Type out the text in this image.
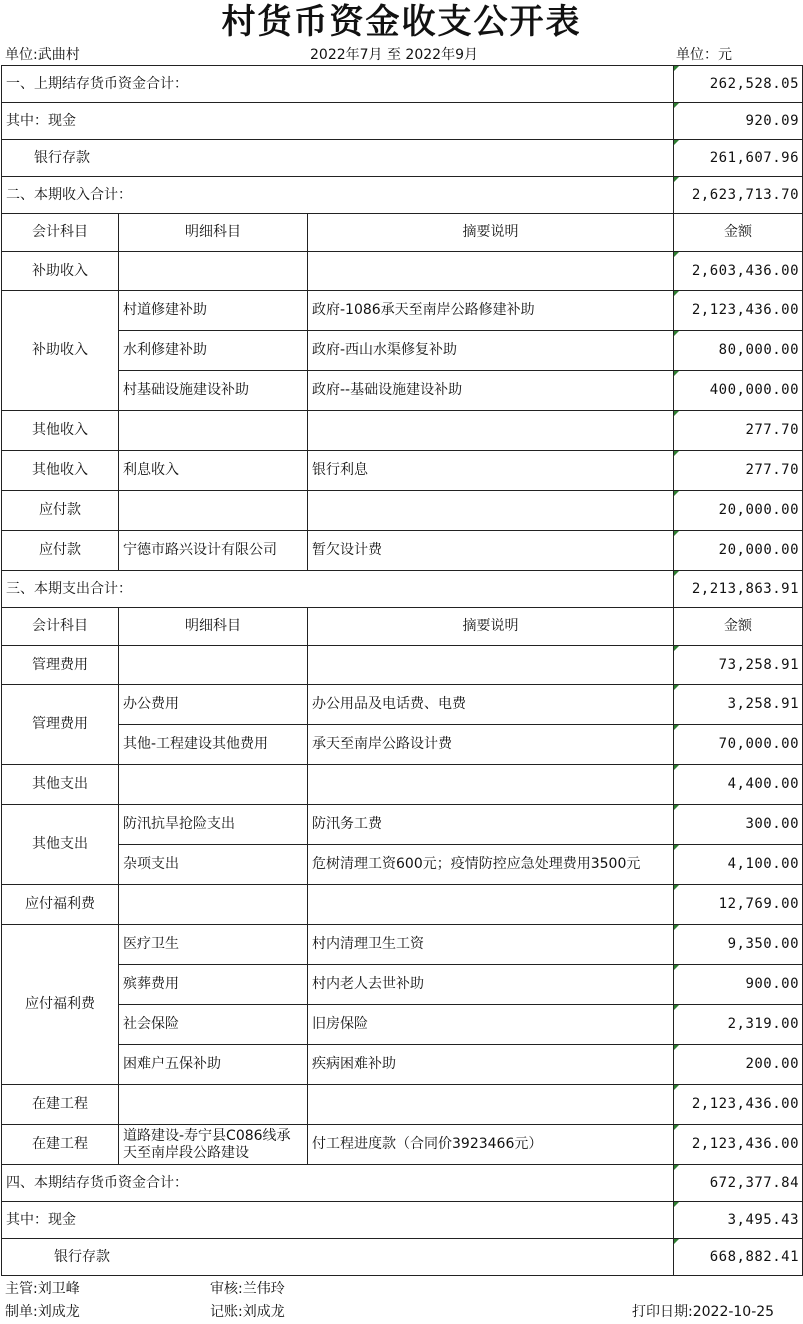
村货币资金收支公开表
单位:武曲村	2022年7月 至 2022年9月	单位：元
一、上期结存货币资金合计：			262,528.05
其中：现金			920.09
银行存款			261,607.96
二、本期收入合计：			2,623,713.70
会计科目	明细科目	摘要说明	金额
补助收入			2,603,436.00
补助收入	村道修建补助	政府-1086承天至南岸公路修建补助	2,123,436.00
	水利修建补助	政府-西山水渠修复补助	80,000.00
	村基础设施建设补助	政府--基础设施建设补助	400,000.00
其他收入			277.70
其他收入	利息收入	银行利息	277.70
应付款			20,000.00
应付款	宁德市路兴设计有限公司	暂欠设计费	20,000.00
三、本期支出合计：			2,213,863.91
会计科目	明细科目	摘要说明	金额
管理费用			73,258.91
管理费用	办公费用	办公用品及电话费、电费	3,258.91
	其他-工程建设其他费用	承天至南岸公路设计费	70,000.00
其他支出			4,400.00
其他支出	防汛抗旱抢险支出	防汛务工费	300.00
	杂项支出	危树清理工资600元；疫情防控应急处理费用3500元	4,100.00
应付福利费			12,769.00
应付福利费	医疗卫生	村内清理卫生工资	9,350.00
	殡葬费用	村内老人去世补助	900.00
	社会保险	旧房保险	2,319.00
	困难户五保补助	疾病困难补助	200.00
在建工程			2,123,436.00
在建工程	道路建设-寿宁县C086线承天至南岸段公路建设	付工程进度款（合同价3923466元）	2,123,436.00
四、本期结存货币资金合计：			672,377.84
其中：现金			3,495.43
银行存款			668,882.41
主管:刘卫峰	审核:兰伟玲
制单:刘成龙	记账:刘成龙	打印日期:2022-10-25
